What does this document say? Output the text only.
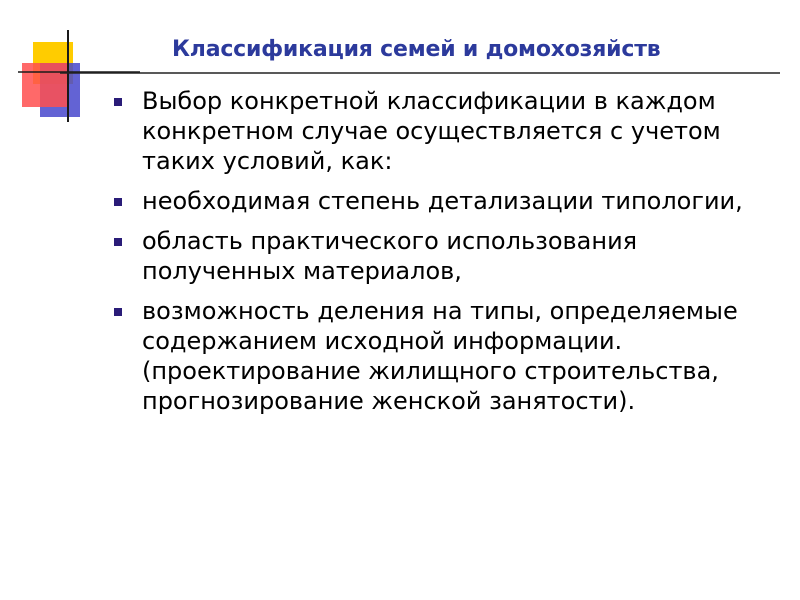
Классификация семей и домохозяйств
Выбор конкретной классификации в каждом конкретном случае осуществляется с учетом таких условий, как:
необходимая степень детализации типологии,
область практического использования полученных материалов,
возможность деления на типы, определяемые содержанием исходной информации. (проектирование жилищного строительства, прогнозирование женской занятости).
